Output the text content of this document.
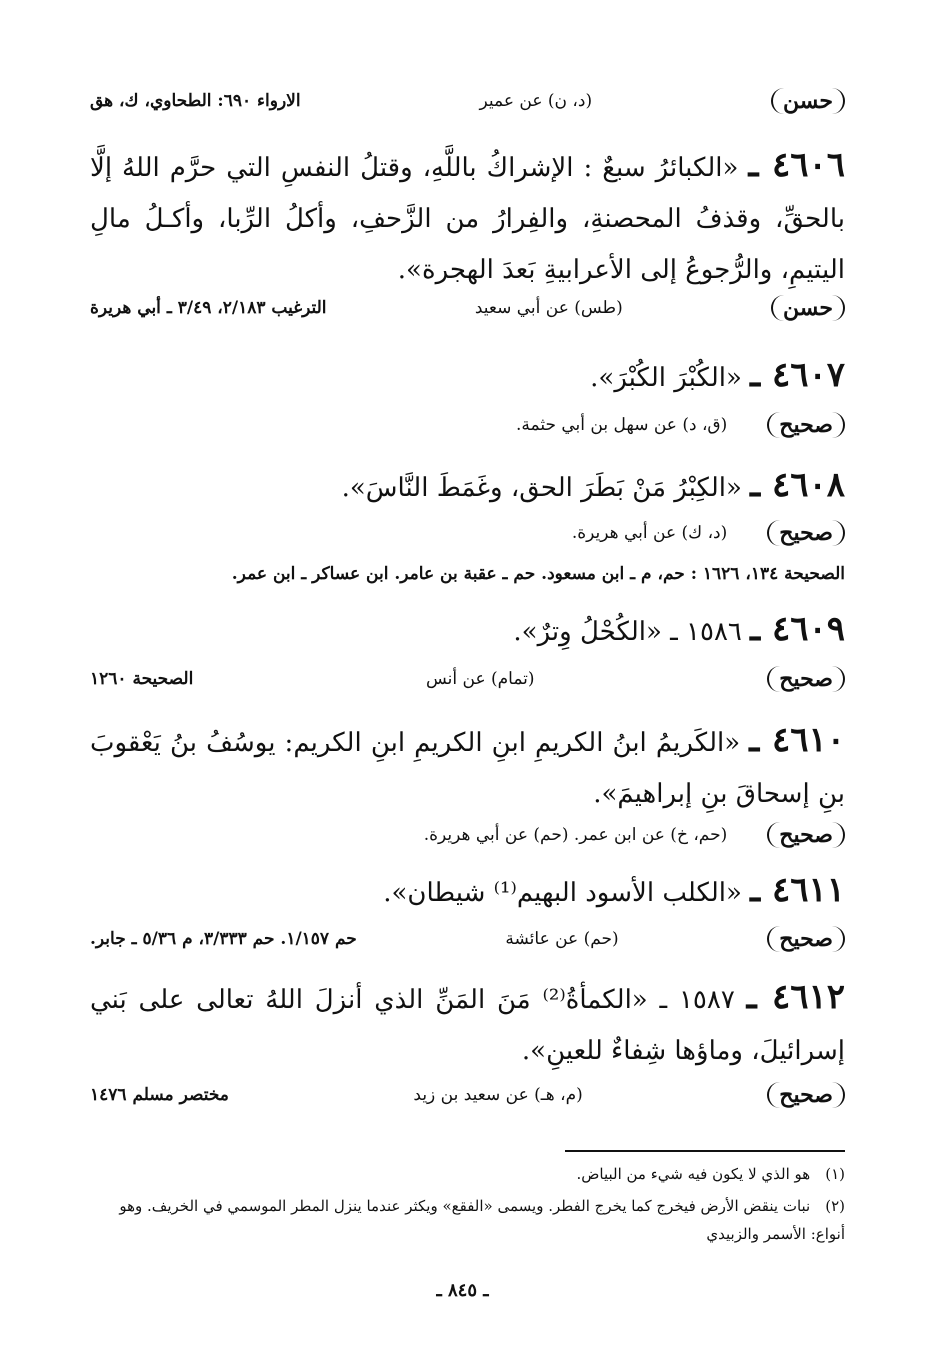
حسن
(د، ن) عن عمير
الارواء ٦٩٠: الطحاوي، ك، هق
٤٦٠٦ ـ «الكبائرُ سبعٌ : الإشراكُ باللَّهِ، وقتلُ النفسِ التي حرَّم اللهُ إلَّا بالحقِّ، وقذفُ المحصنةِ، والفِرارُ من الزَّحفِ، وأكلُ الرِّبا، وأكـلُ مالِ اليتيمِ، والرُّجوعُ إلى الأعرابيةِ بَعدَ الهجرة».
حسن
(طس) عن أبي سعيد
الترغيب ٢/١٨٣، ٣/٤٩ ـ أبي هريرة
٤٦٠٧ ـ «الكُبْرَ الكُبْرَ».
صحيح
(ق، د) عن سهل بن أبي حثمة.
٤٦٠٨ ـ «الكِبْرُ مَنْ بَطَرَ الحق، وغَمَطَ النَّاسَ».
صحيح
(د، ك) عن أبي هريرة.
الصحيحة ١٣٤، ١٦٢٦ : حم، م ـ ابن مسعود. حم ـ عقبة بن عامر. ابن عساكر ـ ابن عمر.
٤٦٠٩ ـ ١٥٨٦ ـ «الكُحْلُ وِترٌ».
صحيح
(تمام) عن أنس
الصحيحة ١٢٦٠
٤٦١٠ ـ «الكَريمُ ابنُ الكريمِ ابنِ الكريمِ ابنِ الكريم: يوسُفُ بنُ يَعْقوبَ بنِ إسحاقَ بنِ إبراهيمَ».
صحيح
(حم، خ) عن ابن عمر. (حم) عن أبي هريرة.
٤٦١١ ـ «الكلب الأسود البهيم⁽¹⁾ شيطان».
صحيح
(حم) عن عائشة
حم ١/١٥٧. حم ٣/٣٣٣، م ٥/٣٦ ـ جابر.
٤٦١٢ ـ ١٥٨٧ ـ «الكمأةُ⁽²⁾ مَنَ المَنِّ الذي أنزلَ اللهُ تعالى على بَني إسرائيلَ، وماؤها شِفاءٌ للعينِ».
صحيح
(م، هـ) عن سعيد بن زيد
مختصر مسلم ١٤٧٦
(١) هو الذي لا يكون فيه شيء من البياض.
(٢) نبات ينقض الأرض فيخرج كما يخرج الفطر. ويسمى «الفقع» ويكثر عندما ينزل المطر الموسمي في الخريف. وهو أنواع: الأسمر والزبيدي
ـ ٨٤٥ ـ
